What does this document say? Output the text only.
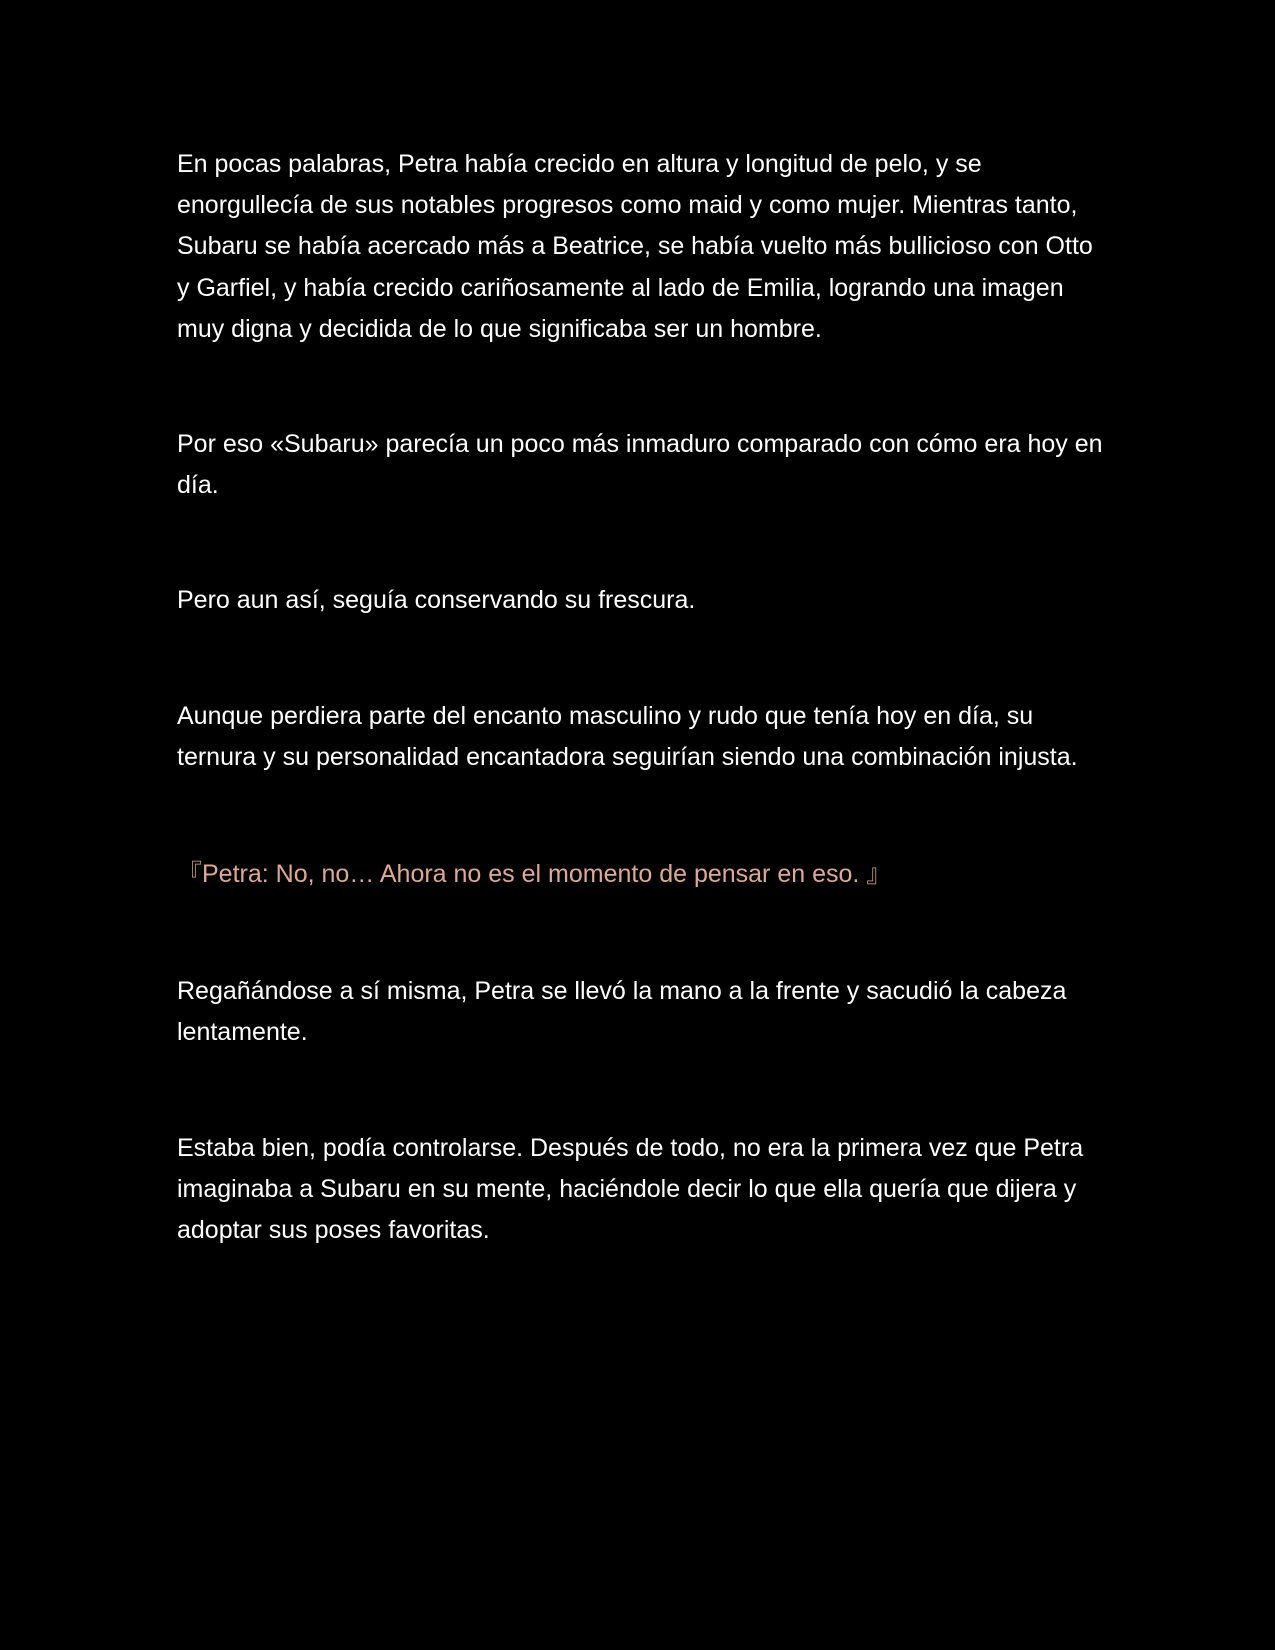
En pocas palabras, Petra había crecido en altura y longitud de pelo, y se enorgullecía de sus notables progresos como maid y como mujer. Mientras tanto, Subaru se había acercado más a Beatrice, se había vuelto más bullicioso con Otto y Garfiel, y había crecido cariñosamente al lado de Emilia, logrando una imagen muy digna y decidida de lo que significaba ser un hombre.

Por eso «Subaru» parecía un poco más inmaduro comparado con cómo era hoy en día.

Pero aun así, seguía conservando su frescura.

Aunque perdiera parte del encanto masculino y rudo que tenía hoy en día, su ternura y su personalidad encantadora seguirían siendo una combinación injusta.

『Petra: No, no… Ahora no es el momento de pensar en eso. 』

Regañándose a sí misma, Petra se llevó la mano a la frente y sacudió la cabeza lentamente.

Estaba bien, podía controlarse. Después de todo, no era la primera vez que Petra imaginaba a Subaru en su mente, haciéndole decir lo que ella quería que dijera y adoptar sus poses favoritas.
